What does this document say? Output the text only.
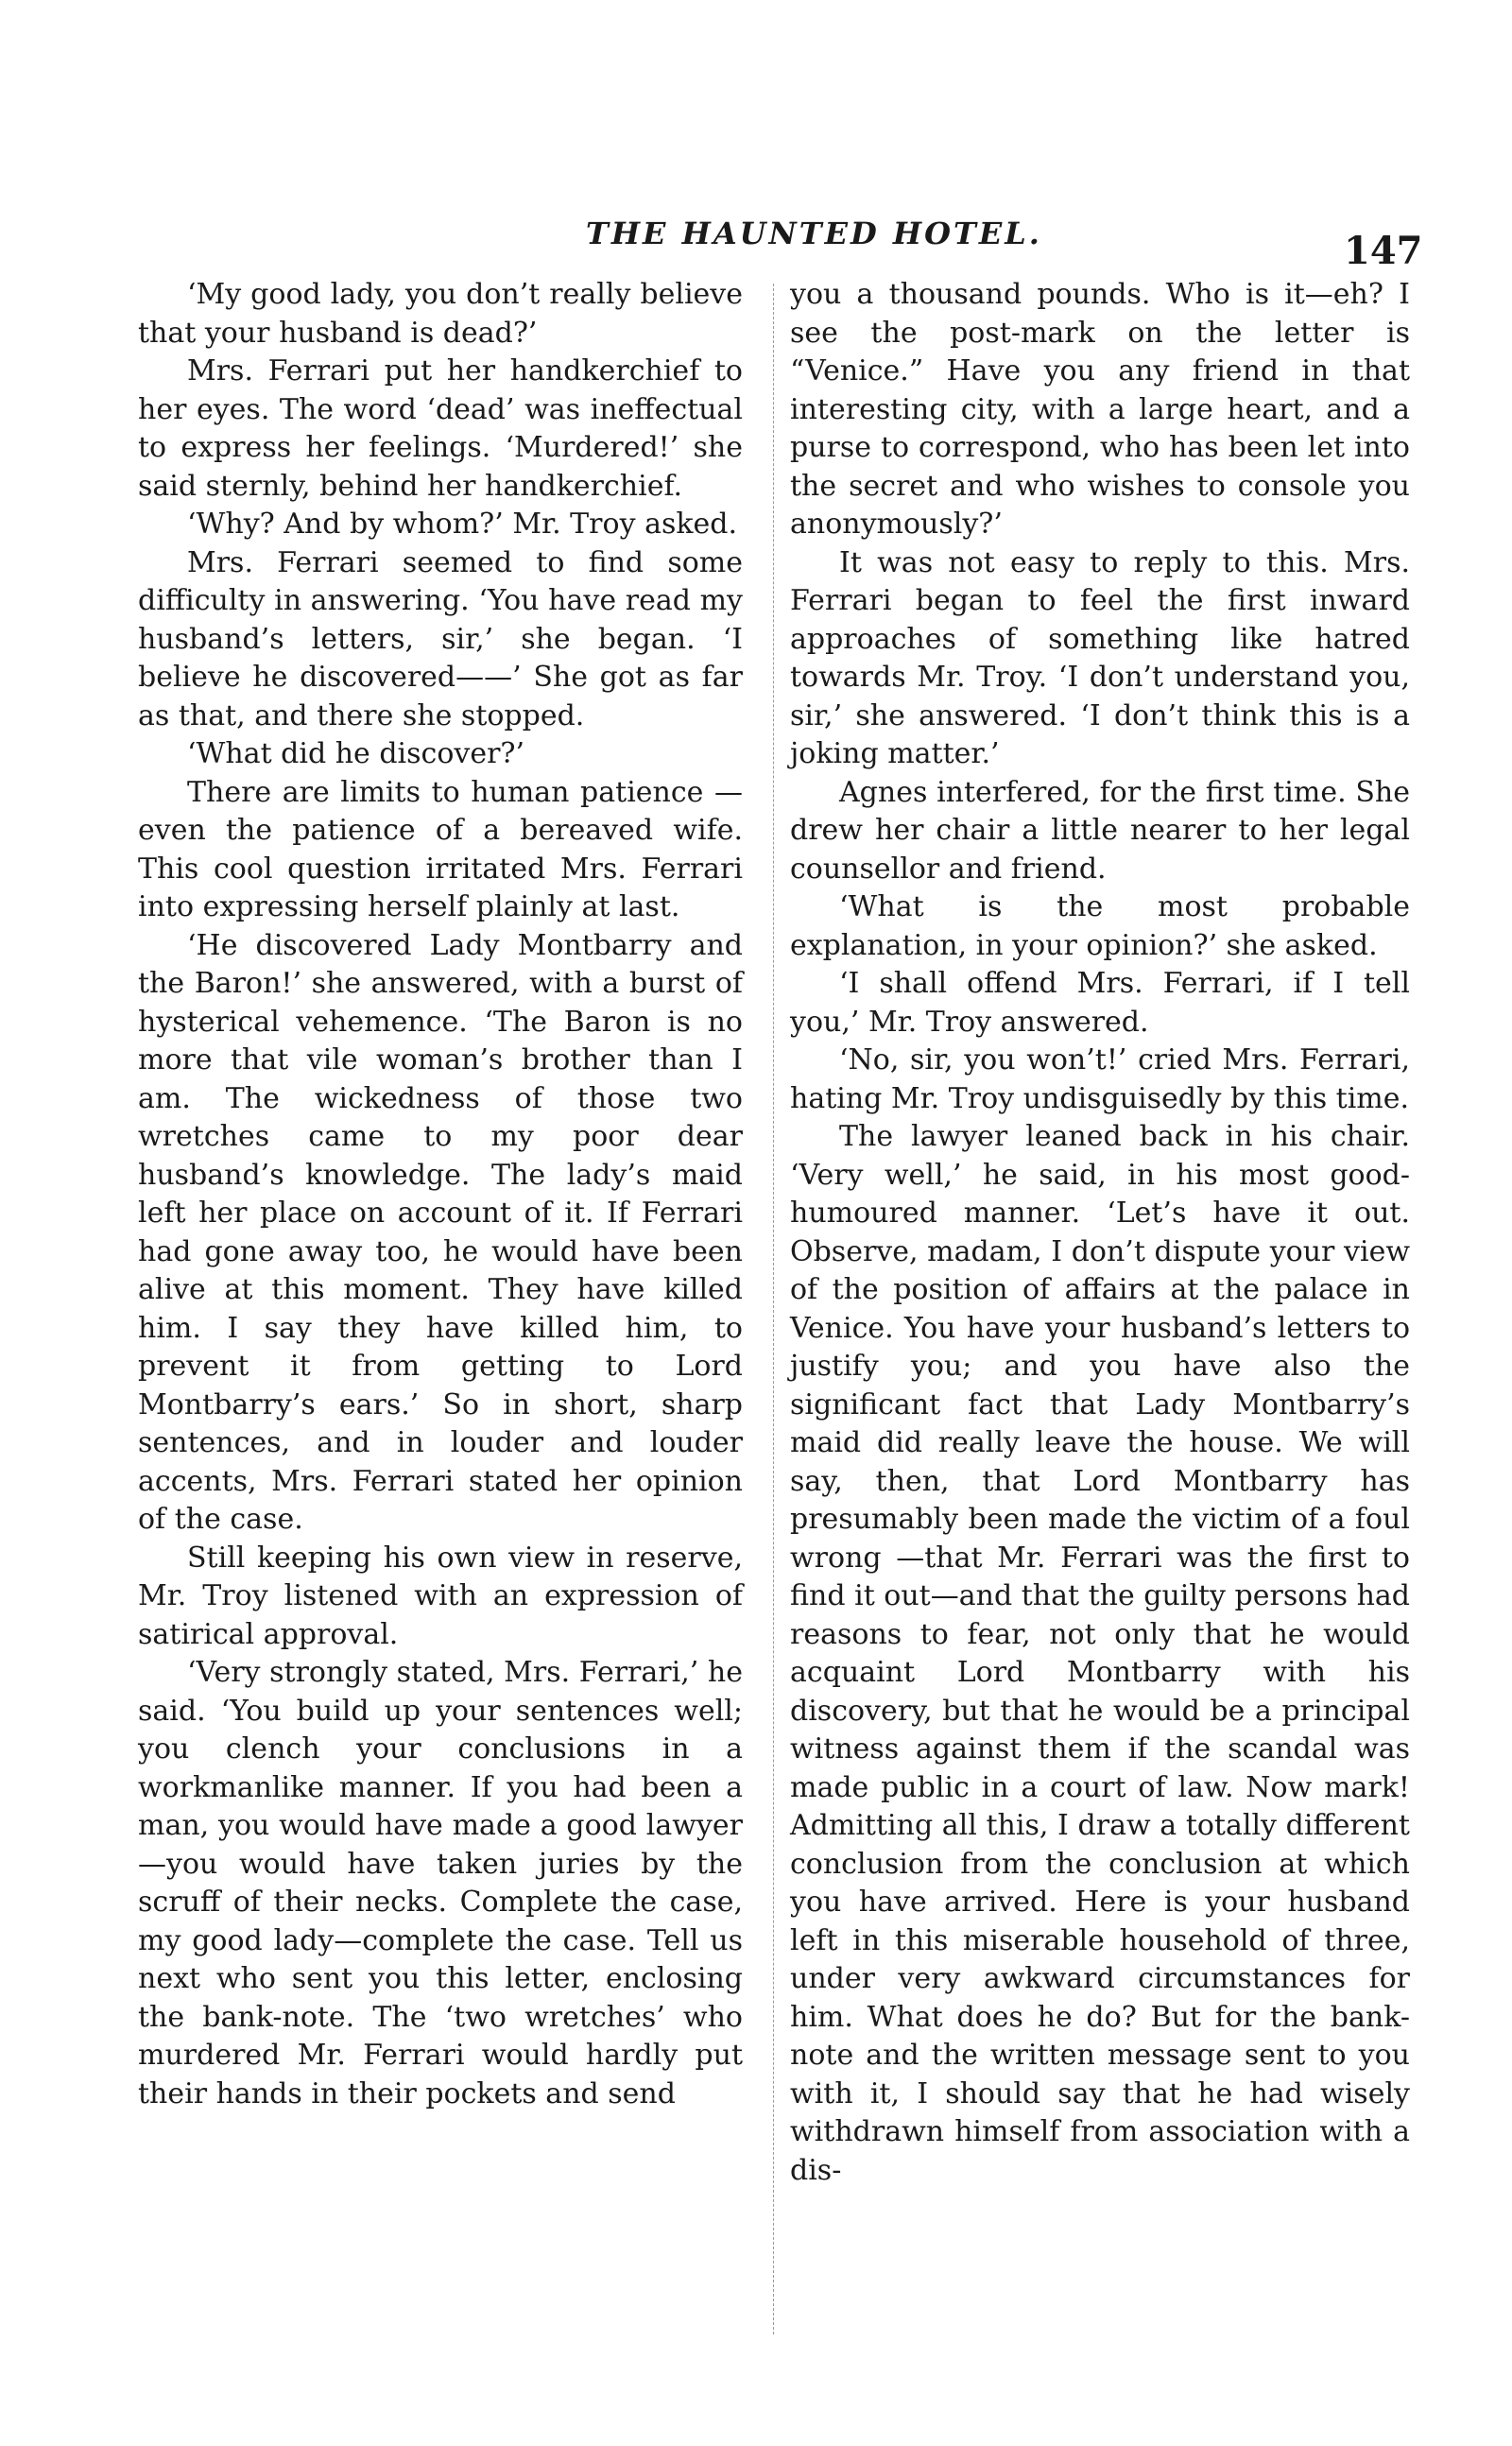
THE HAUNTED HOTEL.	147

‘My good lady, you don’t really believe that your husband is dead?’

Mrs. Ferrari put her handkerchief to her eyes. The word ‘dead’ was ineffectual to express her feelings. ‘Murdered!’ she said sternly, behind her handkerchief.

‘Why? And by whom?’ Mr. Troy asked.

Mrs. Ferrari seemed to find some difficulty in answering. ‘You have read my husband’s letters, sir,’ she began. ‘I believe he discovered——’ She got as far as that, and there she stopped.

‘What did he discover?’

There are limits to human patience —even the patience of a bereaved wife. This cool question irritated Mrs. Ferrari into expressing herself plainly at last.

‘He discovered Lady Montbarry and the Baron!’ she answered, with a burst of hysterical vehemence. ‘The Baron is no more that vile woman’s brother than I am. The wickedness of those two wretches came to my poor dear husband’s knowledge. The lady’s maid left her place on account of it. If Ferrari had gone away too, he would have been alive at this moment. They have killed him. I say they have killed him, to prevent it from getting to Lord Montbarry’s ears.’ So in short, sharp sentences, and in louder and louder accents, Mrs. Ferrari stated her opinion of the case.

Still keeping his own view in reserve, Mr. Troy listened with an expression of satirical approval.

‘Very strongly stated, Mrs. Ferrari,’ he said. ‘You build up your sentences well; you clench your conclusions in a workmanlike manner. If you had been a man, you would have made a good lawyer—you would have taken juries by the scruff of their necks. Complete the case, my good lady—complete the case. Tell us next who sent you this letter, enclosing the bank-note. The ‘two wretches’ who murdered Mr. Ferrari would hardly put their hands in their pockets and send

you a thousand pounds. Who is it—eh? I see the post-mark on the letter is “Venice.” Have you any friend in that interesting city, with a large heart, and a purse to correspond, who has been let into the secret and who wishes to console you anonymously?’

It was not easy to reply to this. Mrs. Ferrari began to feel the first inward approaches of something like hatred towards Mr. Troy. ‘I don’t understand you, sir,’ she answered. ‘I don’t think this is a joking matter.’

Agnes interfered, for the first time. She drew her chair a little nearer to her legal counsellor and friend.

‘What is the most probable explanation, in your opinion?’ she asked.

‘I shall offend Mrs. Ferrari, if I tell you,’ Mr. Troy answered.

‘No, sir, you won’t!’ cried Mrs. Ferrari, hating Mr. Troy undisguisedly by this time.

The lawyer leaned back in his chair. ‘Very well,’ he said, in his most good-humoured manner. ‘Let’s have it out. Observe, madam, I don’t dispute your view of the position of affairs at the palace in Venice. You have your husband’s letters to justify you; and you have also the significant fact that Lady Montbarry’s maid did really leave the house. We will say, then, that Lord Montbarry has presumably been made the victim of a foul wrong —that Mr. Ferrari was the first to find it out—and that the guilty persons had reasons to fear, not only that he would acquaint Lord Montbarry with his discovery, but that he would be a principal witness against them if the scandal was made public in a court of law. Now mark! Admitting all this, I draw a totally different conclusion from the conclusion at which you have arrived. Here is your husband left in this miserable household of three, under very awkward circumstances for him. What does he do? But for the bank-note and the written message sent to you with it, I should say that he had wisely withdrawn himself from association with a dis-
